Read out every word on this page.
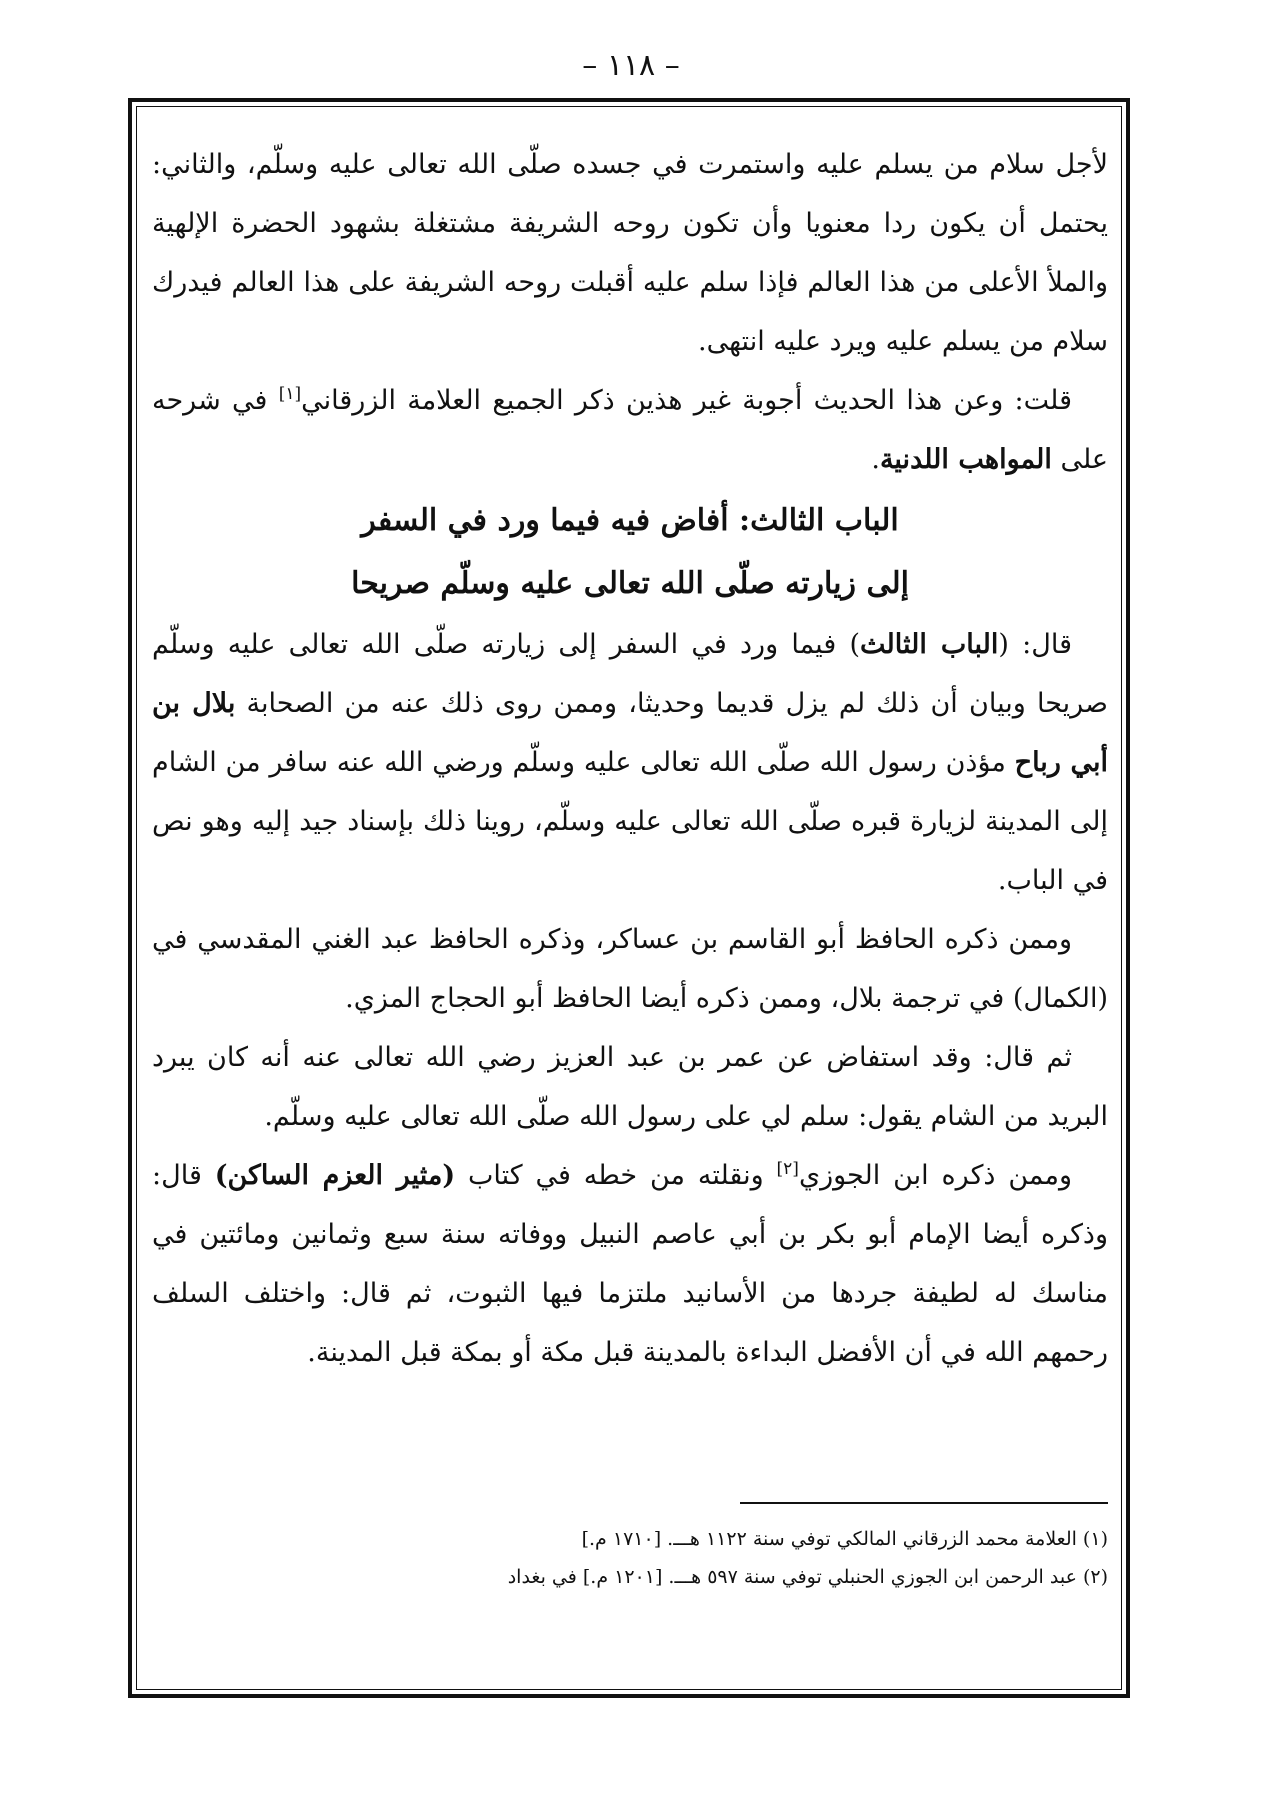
– ١١٨ –

لأجل سلام من يسلم عليه واستمرت في جسده صلّى الله تعالى عليه وسلّم، والثاني: يحتمل أن يكون ردا معنويا وأن تكون روحه الشريفة مشتغلة بشهود الحضرة الإلهية والملأ الأعلى من هذا العالم فإذا سلم عليه أقبلت روحه الشريفة على هذا العالم فيدرك سلام من يسلم عليه ويرد عليه انتهى.

قلت: وعن هذا الحديث أجوبة غير هذين ذكر الجميع العلامة الزرقاني[١] في شرحه على المواهب اللدنية.

الباب الثالث: أفاض فيه فيما ورد في السفر
إلى زيارته صلّى الله تعالى عليه وسلّم صريحا

قال: (الباب الثالث) فيما ورد في السفر إلى زيارته صلّى الله تعالى عليه وسلّم صريحا وبيان أن ذلك لم يزل قديما وحديثا، وممن روى ذلك عنه من الصحابة بلال بن أبي رباح مؤذن رسول الله صلّى الله تعالى عليه وسلّم ورضي الله عنه سافر من الشام إلى المدينة لزيارة قبره صلّى الله تعالى عليه وسلّم، روينا ذلك بإسناد جيد إليه وهو نص في الباب.

وممن ذكره الحافظ أبو القاسم بن عساكر، وذكره الحافظ عبد الغني المقدسي في (الكمال) في ترجمة بلال، وممن ذكره أيضا الحافظ أبو الحجاج المزي.

ثم قال: وقد استفاض عن عمر بن عبد العزيز رضي الله تعالى عنه أنه كان يبرد البريد من الشام يقول: سلم لي على رسول الله صلّى الله تعالى عليه وسلّم.

وممن ذكره ابن الجوزي[٢] ونقلته من خطه في كتاب (مثير العزم الساكن) قال: وذكره أيضا الإمام أبو بكر بن أبي عاصم النبيل ووفاته سنة سبع وثمانين ومائتين في مناسك له لطيفة جردها من الأسانيد ملتزما فيها الثبوت، ثم قال: واختلف السلف رحمهم الله في أن الأفضل البداءة بالمدينة قبل مكة أو بمكة قبل المدينة.

(١) العلامة محمد الزرقاني المالكي توفي سنة ١١٢٢ هـــ. [١٧١٠ م.]
(٢) عبد الرحمن ابن الجوزي الحنبلي توفي سنة ٥٩٧ هـــ. [١٢٠١ م.] في بغداد
